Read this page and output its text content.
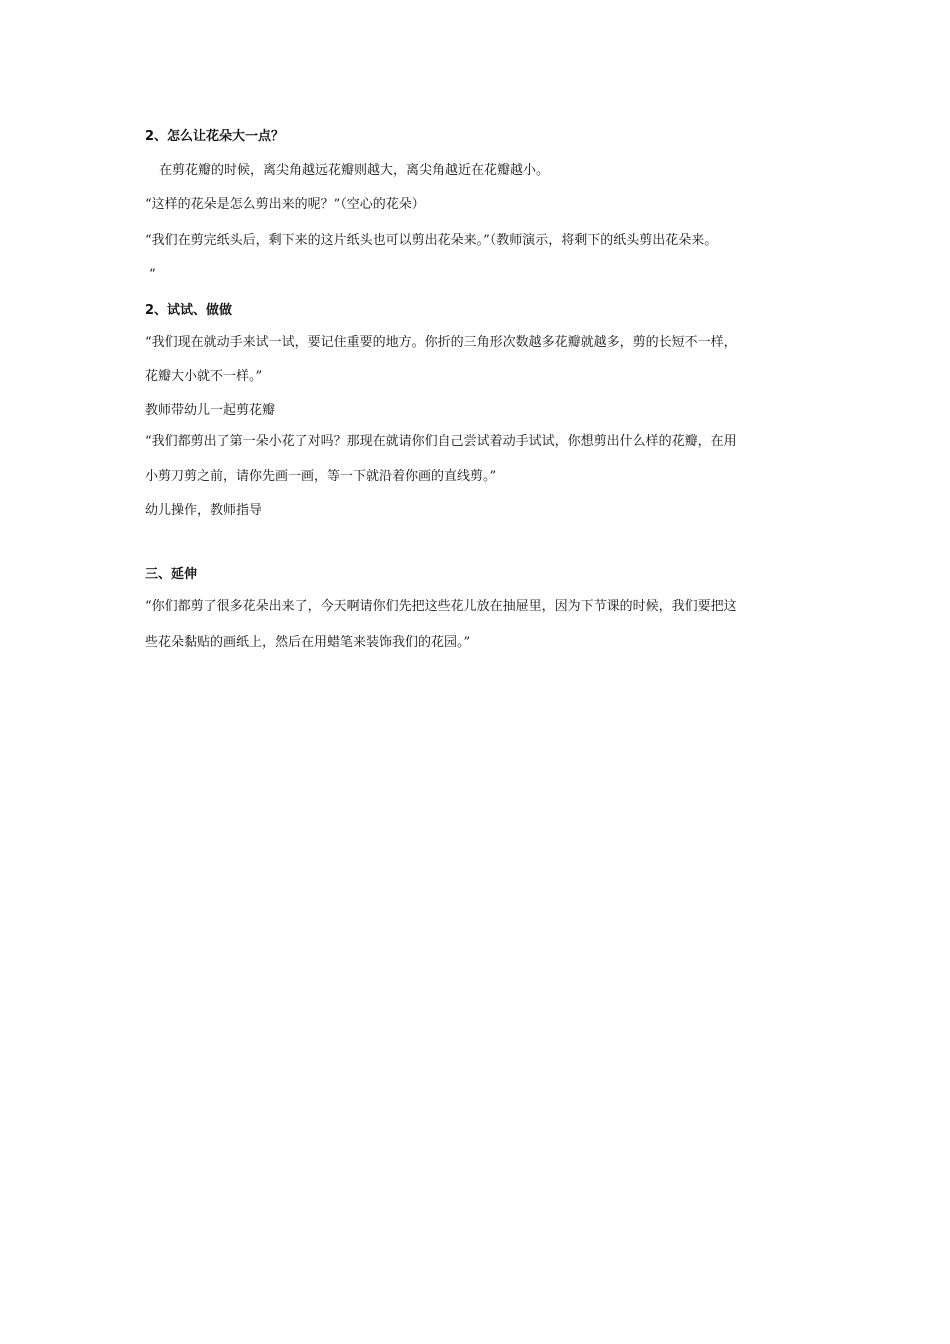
2、怎么让花朵大一点？
在剪花瓣的时候，离尖角越远花瓣则越大，离尖角越近在花瓣越小。
“这样的花朵是怎么剪出来的呢？”（空心的花朵）
“我们在剪完纸头后，剩下来的这片纸头也可以剪出花朵来。”（教师演示，将剩下的纸头剪出花朵来。
“
2、试试、做做
“我们现在就动手来试一试，要记住重要的地方。你折的三角形次数越多花瓣就越多，剪的长短不一样，
花瓣大小就不一样。”
教师带幼儿一起剪花瓣
“我们都剪出了第一朵小花了对吗？那现在就请你们自己尝试着动手试试，你想剪出什么样的花瓣，在用
小剪刀剪之前，请你先画一画，等一下就沿着你画的直线剪。”
幼儿操作，教师指导
三、延伸
“你们都剪了很多花朵出来了，今天啊请你们先把这些花儿放在抽屉里，因为下节课的时候，我们要把这
些花朵黏贴的画纸上，然后在用蜡笔来装饰我们的花园。”
